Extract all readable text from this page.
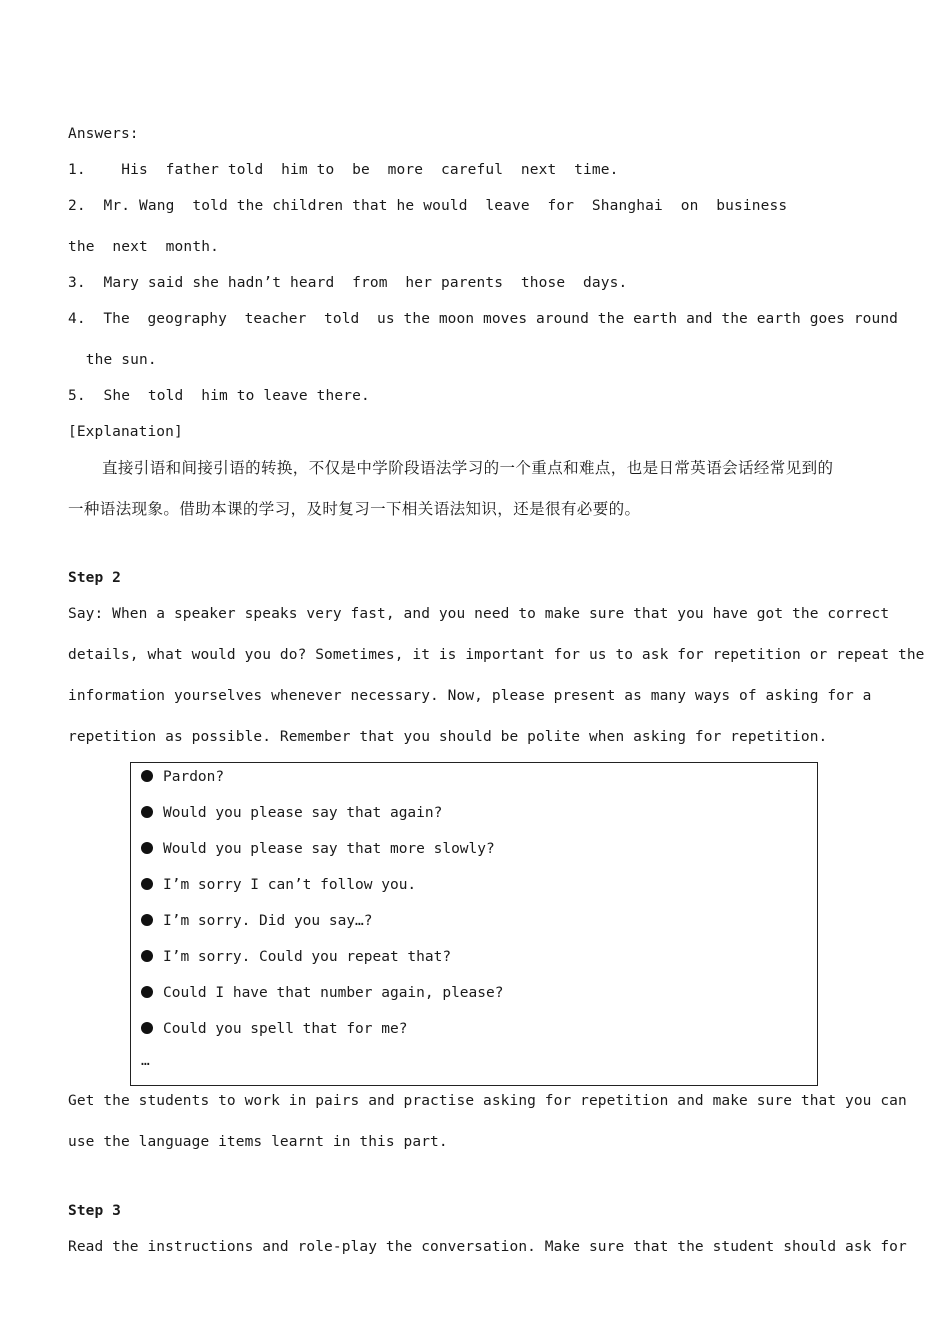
Answers:

1.    His  father told  him to  be  more  careful  next  time.

2.  Mr. Wang  told the children that he would  leave  for  Shanghai  on  business

the  next  month.

3.  Mary said she hadn’t heard  from  her parents  those  days.

4.  The  geography  teacher  told  us the moon moves around the earth and the earth goes round

the sun.

5.  She  told  him to leave there.

[Explanation]

直接引语和间接引语的转换，不仅是中学阶段语法学习的一个重点和难点，也是日常英语会话经常见到的

一种语法现象。借助本课的学习，及时复习一下相关语法知识，还是很有必要的。

Step 2

Say: When a speaker speaks very fast, and you need to make sure that you have got the correct

details, what would you do? Sometimes, it is important for us to ask for repetition or repeat the

information yourselves whenever necessary. Now, please present as many ways of asking for a

repetition as possible. Remember that you should be polite when asking for repetition.

Pardon?
Would you please say that again?
Would you please say that more slowly?
I’m sorry I can’t follow you.
I’m sorry. Did you say…?
I’m sorry. Could you repeat that?
Could I have that number again, please?
Could you spell that for me?
…

Get the students to work in pairs and practise asking for repetition and make sure that you can

use the language items learnt in this part.

Step 3

Read the instructions and role-play the conversation. Make sure that the student should ask for
